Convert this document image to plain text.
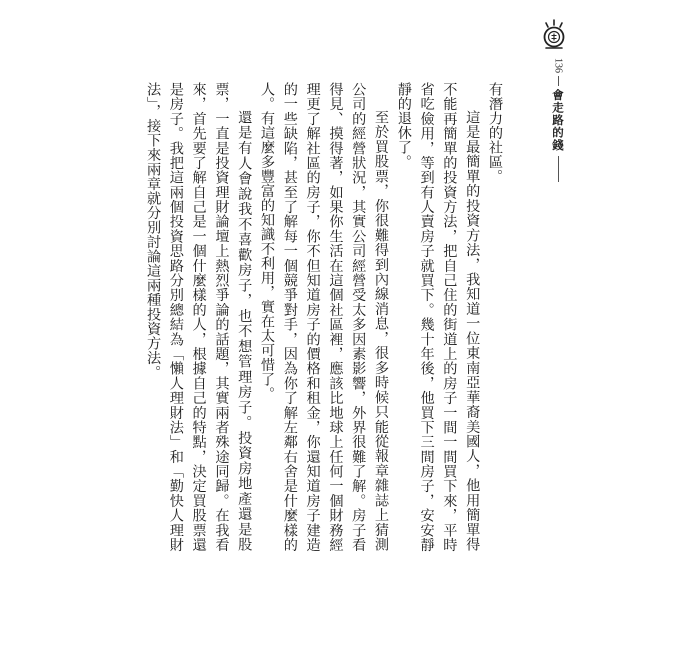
136
會走路的錢

有潛力的社區。

這是最簡單的投資方法，我知道一位東南亞華裔美國人，他用簡單得不能再簡單的投資方法，把自己住的街道上的房子一間一間買下來，平時省吃儉用，等到有人賣房子就買下。幾十年後，他買下三間房子，安安靜靜的退休了。

至於買股票，你很難得到內線消息，很多時候只能從報章雜誌上猜測公司的經營狀況，其實公司經營受太多因素影響，外界很難了解。房子看得見、摸得著，如果你生活在這個社區裡，應該比地球上任何一個財務經理更了解社區的房子，你不但知道房子的價格和租金，你還知道房子建造的一些缺陷，甚至了解每一個競爭對手，因為你了解左鄰右舍是什麼樣的人。有這麼多豐富的知識不利用，實在太可惜了。

還是有人會說我不喜歡房子，也不想管理房子。投資房地產還是股票，一直是投資理財論壇上熱烈爭論的話題，其實兩者殊途同歸。在我看來，首先要了解自己是一個什麼樣的人，根據自己的特點，決定買股票還是房子。我把這兩個投資思路分別總結為「懶人理財法」和「勤快人理財法」，接下來兩章就分別討論這兩種投資方法。
